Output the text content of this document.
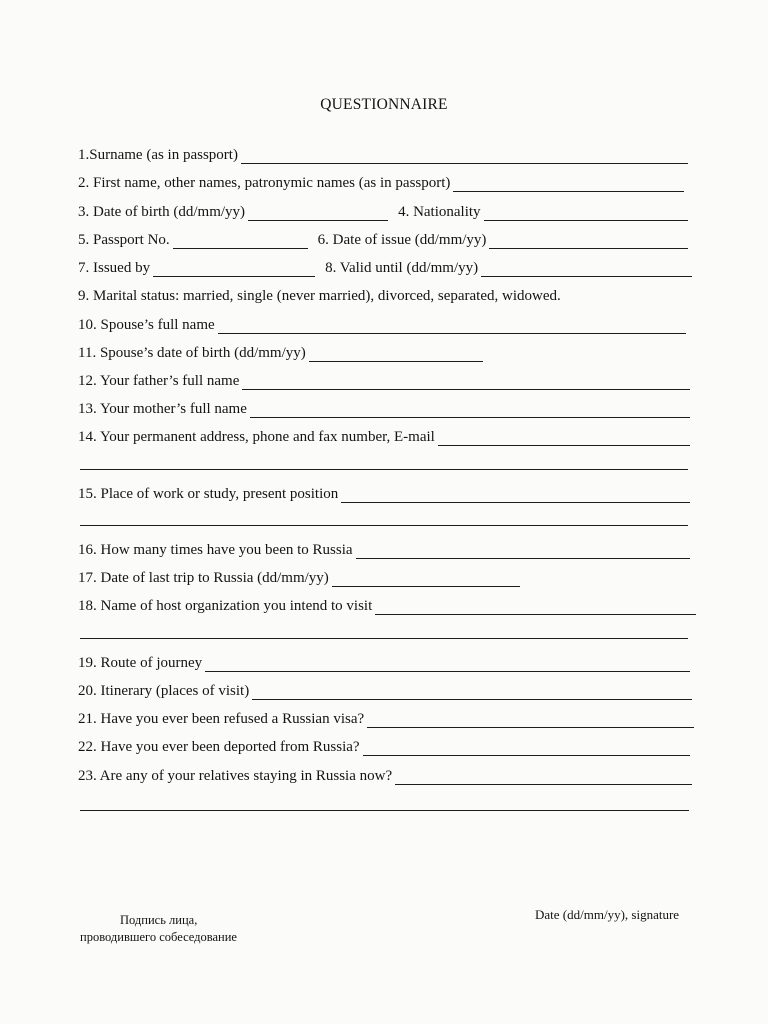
QUESTIONNAIRE
1.Surname (as in passport)
2. First name, other names, patronymic names (as in passport)
3. Date of birth (dd/mm/yy)	4. Nationality
5. Passport No.	6. Date of issue (dd/mm/yy)
7. Issued by	8. Valid until (dd/mm/yy)
9. Marital status: married, single (never married), divorced, separated, widowed.
10. Spouse’s full name
11. Spouse’s date of birth (dd/mm/yy)
12. Your father’s full name
13. Your mother’s full name
14. Your permanent address, phone and fax number, E-mail
15. Place of work or study, present position
16. How many times have you been to Russia
17. Date of last trip to Russia (dd/mm/yy)
18. Name of host organization you intend to visit
19. Route of journey
20. Itinerary (places of visit)
21. Have you ever been refused a Russian visa?
22. Have you ever been deported from Russia?
23. Are any of your relatives staying in Russia now?
Подпись лица,
проводившего собеседование
Date (dd/mm/yy), signature
